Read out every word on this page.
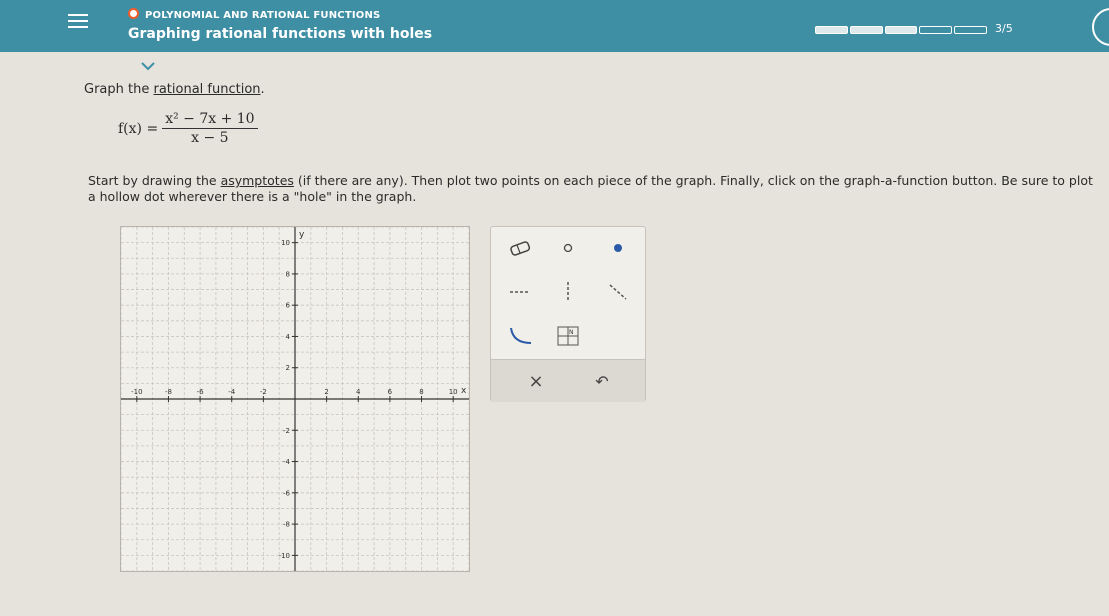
POLYNOMIAL AND RATIONAL FUNCTIONS
Graphing rational functions with holes	3/5
Graph the rational function.
$f(x) = \frac{\text{x² − 7x + 10}}{x - 5}$
Start by drawing the asymptotes (if there are any). Then plot two points on each piece of the graph. Finally, click on the graph-a-function button. Be sure to plot a hollow dot wherever there is a "hole" in the graph.
x
y
-10	-8	-6	-4	-2	2	4	6	8	10
10
8
6
4
2
-2
-4
-6
-8
-10
N
×	↶
